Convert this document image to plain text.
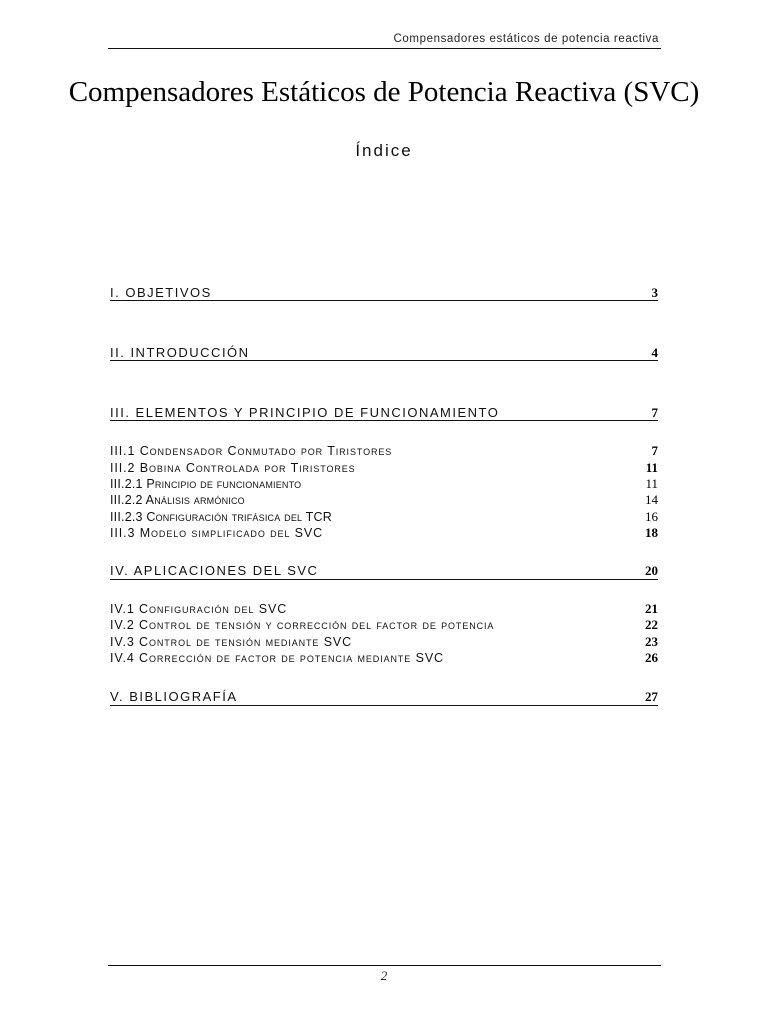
Compensadores estáticos de potencia reactiva
Compensadores Estáticos de Potencia Reactiva (SVC)
Índice
I. OBJETIVOS	3
II. INTRODUCCIÓN	4
III. ELEMENTOS Y PRINCIPIO DE FUNCIONAMIENTO	7
III.1 Condensador Conmutado por Tiristores	7
III.2 Bobina Controlada por Tiristores	11
III.2.1 Principio de funcionamiento	11
III.2.2 Análisis armónico	14
III.2.3 Configuración trifásica del TCR	16
III.3 Modelo simplificado del SVC	18
IV. APLICACIONES DEL SVC	20
IV.1 Configuración del SVC	21
IV.2 Control de tensión y corrección del factor de potencia	22
IV.3 Control de tensión mediante SVC	23
IV.4 Corrección de factor de potencia mediante SVC	26
V. BIBLIOGRAFÍA	27
2
